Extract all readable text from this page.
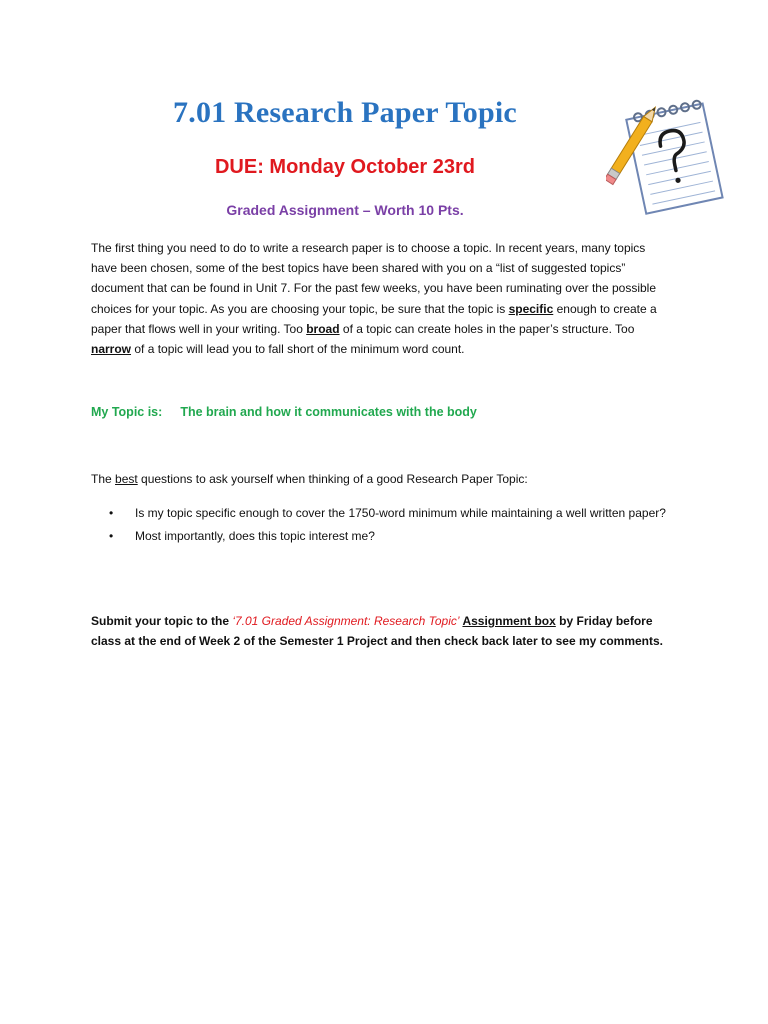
7.01 Research Paper Topic
DUE: Monday October 23rd
Graded Assignment – Worth 10 Pts.

The first thing you need to do to write a research paper is to choose a topic. In recent years, many topics have been chosen, some of the best topics have been shared with you on a “list of suggested topics” document that can be found in Unit 7. For the past few weeks, you have been ruminating over the possible choices for your topic. As you are choosing your topic, be sure that the topic is specific enough to create a paper that flows well in your writing. Too broad of a topic can create holes in the paper’s structure. Too narrow of a topic will lead you to fall short of the minimum word count.

My Topic is: The brain and how it communicates with the body
The best questions to ask yourself when thinking of a good Research Paper Topic:
• Is my topic specific enough to cover the 1750-word minimum while maintaining a well written paper?
• Most importantly, does this topic interest me?

Submit your topic to the ‘7.01 Graded Assignment: Research Topic’ Assignment box by Friday before class at the end of Week 2 of the Semester 1 Project and then check back later to see my comments.
